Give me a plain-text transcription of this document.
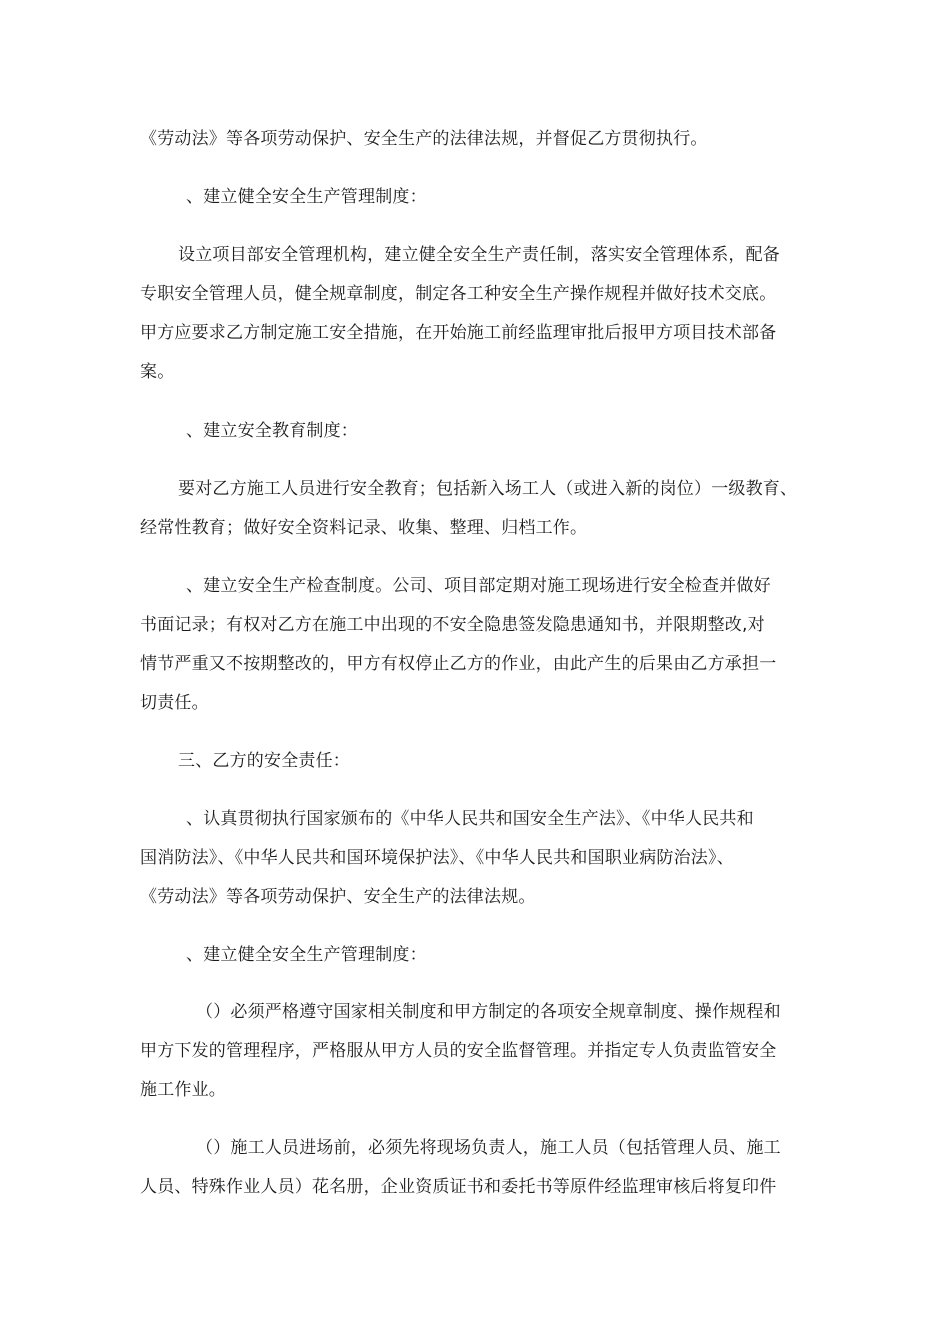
《劳动法》等各项劳动保护、安全生产的法律法规，并督促乙方贯彻执行。
、建立健全安全生产管理制度：
设立项目部安全管理机构，建立健全安全生产责任制，落实安全管理体系，配备
专职安全管理人员，健全规章制度，制定各工种安全生产操作规程并做好技术交底。
甲方应要求乙方制定施工安全措施，在开始施工前经监理审批后报甲方项目技术部备
案。
、建立安全教育制度：
要对乙方施工人员进行安全教育；包括新入场工人（或进入新的岗位）一级教育、
经常性教育；做好安全资料记录、收集、整理、归档工作。
、建立安全生产检查制度。公司、项目部定期对施工现场进行安全检查并做好
书面记录；有权对乙方在施工中出现的不安全隐患签发隐患通知书，并限期整改,对
情节严重又不按期整改的，甲方有权停止乙方的作业，由此产生的后果由乙方承担一
切责任。
三、乙方的安全责任：
、认真贯彻执行国家颁布的《中华人民共和国安全生产法》、《中华人民共和
国消防法》、《中华人民共和国环境保护法》、《中华人民共和国职业病防治法》、
《劳动法》等各项劳动保护、安全生产的法律法规。
、建立健全安全生产管理制度：
（）必须严格遵守国家相关制度和甲方制定的各项安全规章制度、操作规程和
甲方下发的管理程序，严格服从甲方人员的安全监督管理。并指定专人负责监管安全
施工作业。
（）施工人员进场前，必须先将现场负责人，施工人员（包括管理人员、施工
人员、特殊作业人员）花名册，企业资质证书和委托书等原件经监理审核后将复印件
